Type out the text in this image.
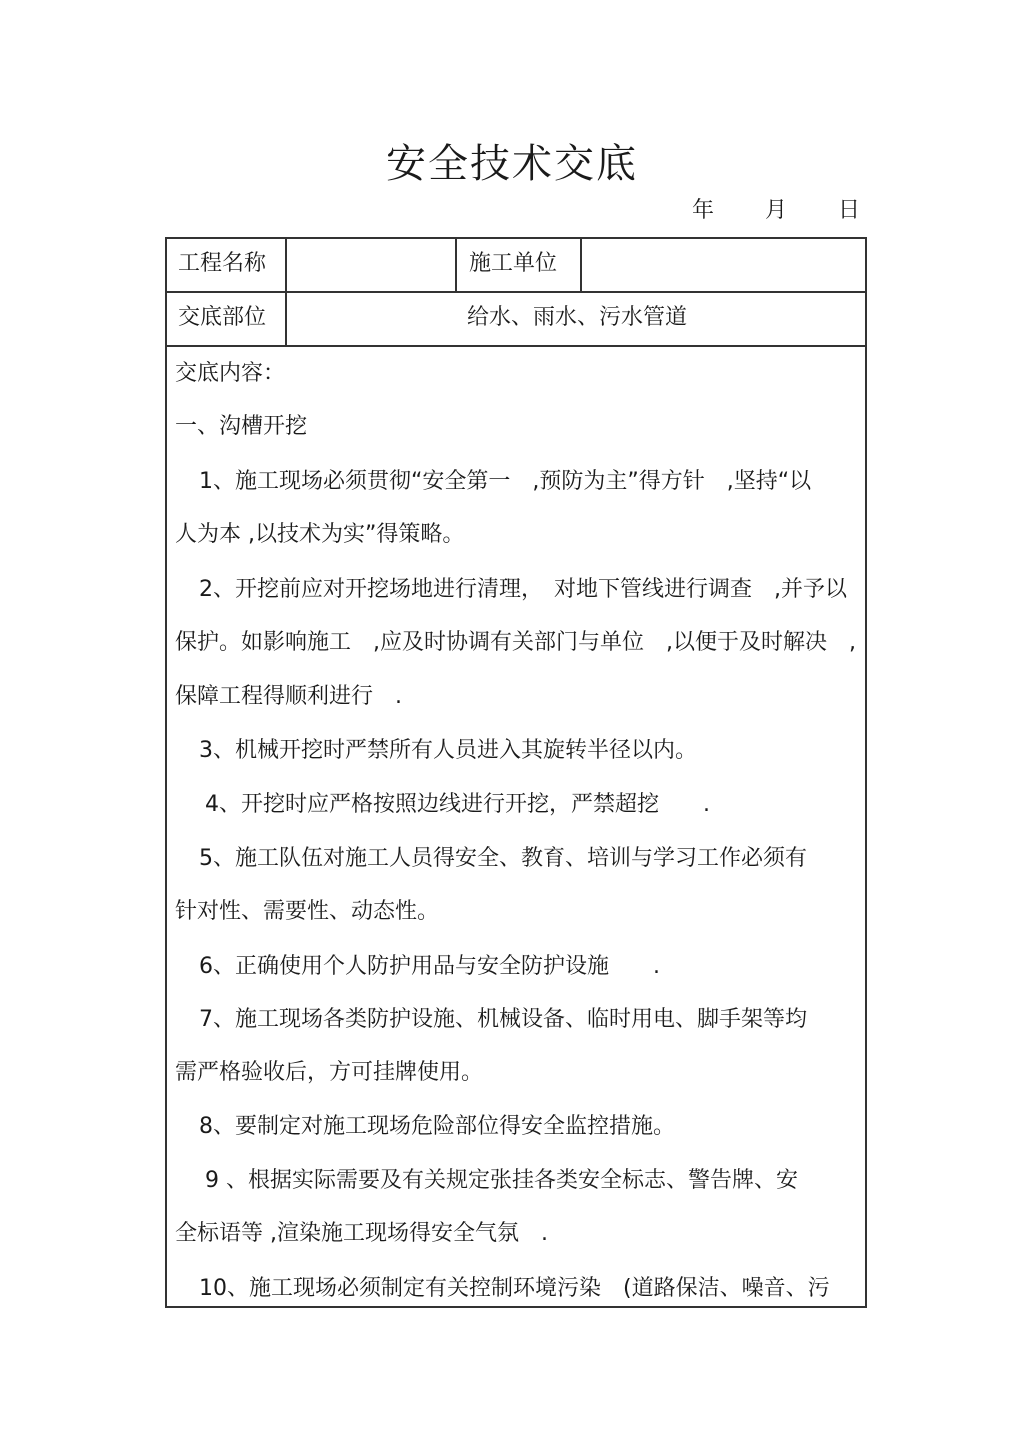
安全技术交底
年 月 日
工程名称	施工单位
交底部位	给水、雨水、污水管道
交底内容：
一、沟槽开挖
1、施工现场必须贯彻“安全第一　,预防为主”得方针　,坚持“以
人为本 ,以技术为实”得策略。
2、开挖前应对开挖场地进行清理，　对地下管线进行调查　,并予以
保护。如影响施工　,应及时协调有关部门与单位　,以便于及时解决　,
保障工程得顺利进行　.
3、机械开挖时严禁所有人员进入其旋转半径以内。
4、开挖时应严格按照边线进行开挖，严禁超挖　　.
5、施工队伍对施工人员得安全、教育、培训与学习工作必须有
针对性、需要性、动态性。
6、正确使用个人防护用品与安全防护设施　　.
7、施工现场各类防护设施、机械设备、临时用电、脚手架等均
需严格验收后，方可挂牌使用。
8、要制定对施工现场危险部位得安全监控措施。
9 、根据实际需要及有关规定张挂各类安全标志、警告牌、安
全标语等 ,渲染施工现场得安全气氛　.
10、施工现场必须制定有关控制环境污染　(道路保洁、噪音、污
